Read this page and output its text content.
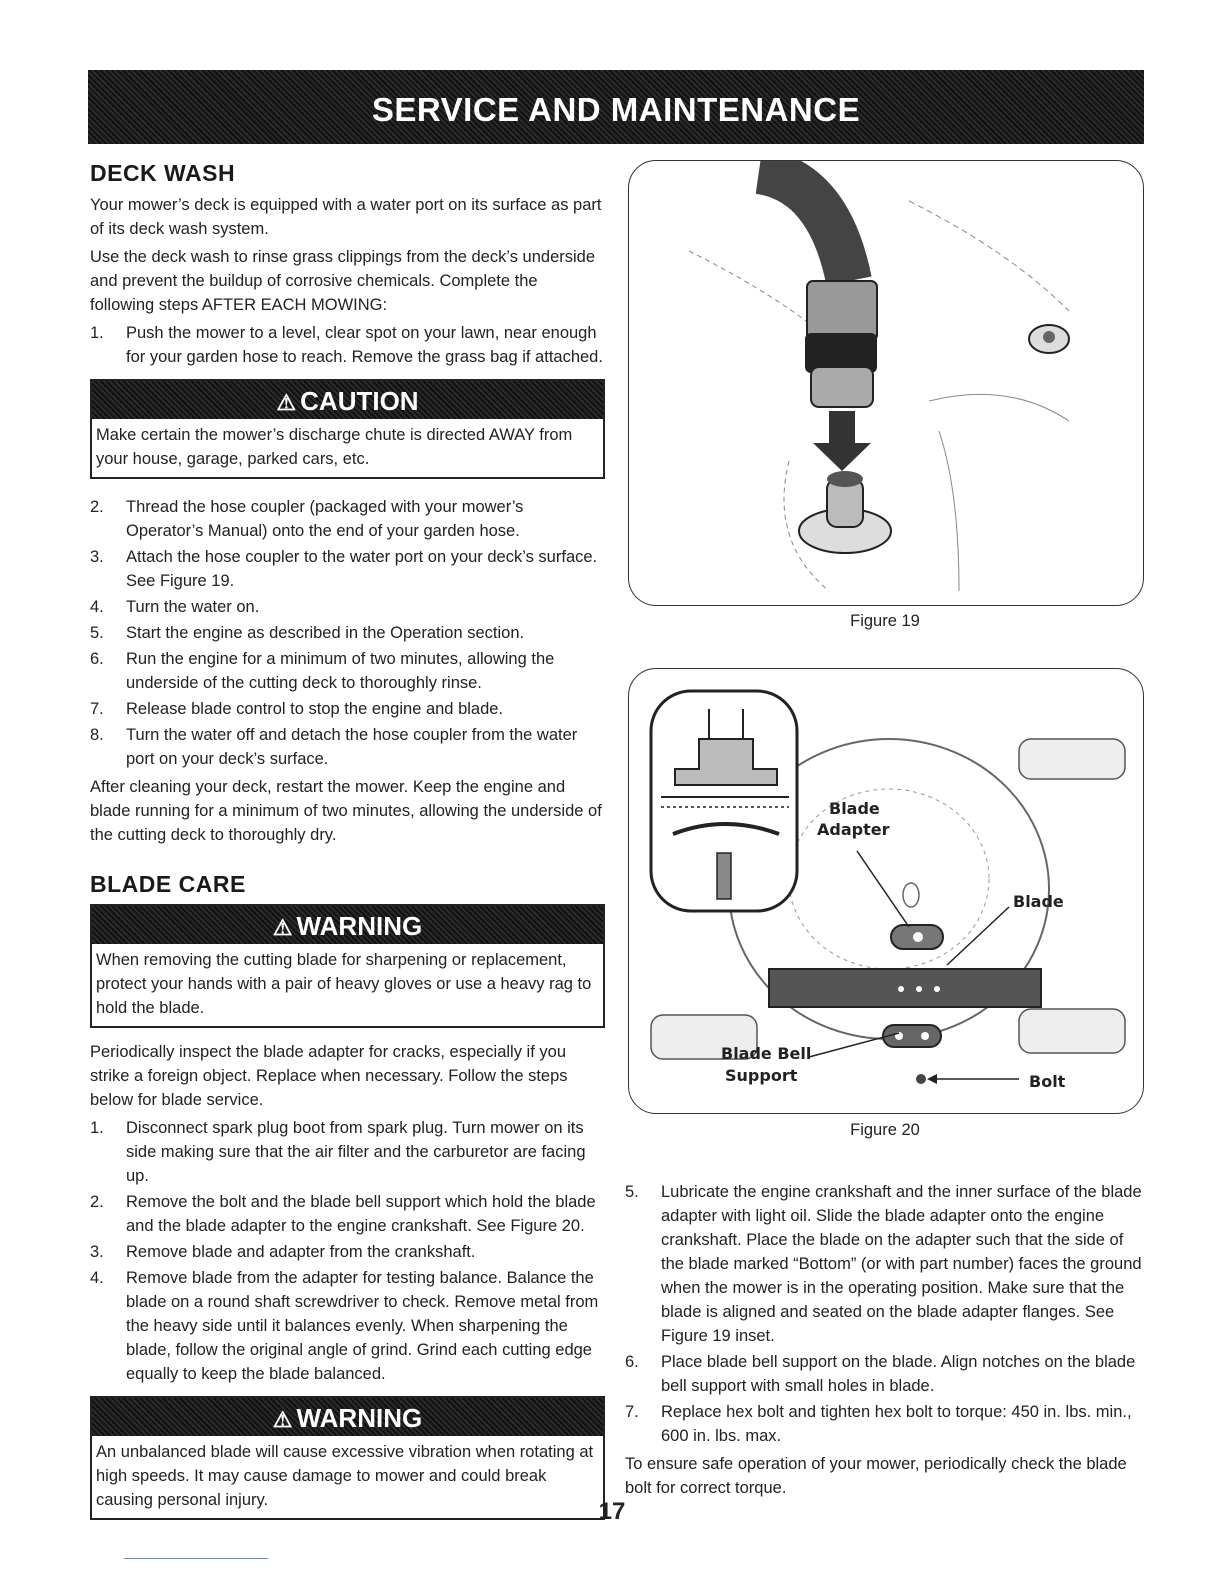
SERVICE AND MAINTENANCE
DECK WASH

Your mower’s deck is equipped with a water port on its surface as part of its deck wash system.

Use the deck wash to rinse grass clippings from the deck’s underside and prevent the buildup of corrosive chemicals. Complete the following steps AFTER EACH MOWING:

1. Push the mower to a level, clear spot on your lawn, near enough for your garden hose to reach. Remove the grass bag if attached.
⚠ CAUTION
Make certain the mower’s discharge chute is directed AWAY from your house, garage, parked cars, etc.
2. Thread the hose coupler (packaged with your mower’s Operator’s Manual) onto the end of your garden hose.
3. Attach the hose coupler to the water port on your deck’s surface. See Figure 19.
4. Turn the water on.
5. Start the engine as described in the Operation section.
6. Run the engine for a minimum of two minutes, allowing the underside of the cutting deck to thoroughly rinse.
7. Release blade control to stop the engine and blade.
8. Turn the water off and detach the hose coupler from the water port on your deck’s surface.

After cleaning your deck, restart the mower. Keep the engine and blade running for a minimum of two minutes, allowing the underside of the cutting deck to thoroughly dry.

BLADE CARE
⚠ WARNING
When removing the cutting blade for sharpening or replacement, protect your hands with a pair of heavy gloves or use a heavy rag to hold the blade.

Periodically inspect the blade adapter for cracks, especially if you strike a foreign object. Replace when necessary. Follow the steps below for blade service.

1. Disconnect spark plug boot from spark plug. Turn mower on its side making sure that the air filter and the carburetor are facing up.
2. Remove the bolt and the blade bell support which hold the blade and the blade adapter to the engine crankshaft. See Figure 20.
3. Remove blade and adapter from the crankshaft.
4. Remove blade from the adapter for testing balance. Balance the blade on a round shaft screwdriver to check. Remove metal from the heavy side until it balances evenly. When sharpening the blade, follow the original angle of grind. Grind each cutting edge equally to keep the blade balanced.
⚠ WARNING
An unbalanced blade will cause excessive vibration when rotating at high speeds. It may cause damage to mower and could break causing personal injury.
Figure 19
Blade
Adapter
Blade
Blade Bell
Support	Bolt
Figure 20
5. Lubricate the engine crankshaft and the inner surface of the blade adapter with light oil. Slide the blade adapter onto the engine crankshaft. Place the blade on the adapter such that the side of the blade marked “Bottom” (or with part number) faces the ground when the mower is in the operating position. Make sure that the blade is aligned and seated on the blade adapter flanges. See Figure 19 inset.
6. Place blade bell support on the blade. Align notches on the blade bell support with small holes in blade.
7. Replace hex bolt and tighten hex bolt to torque: 450 in. lbs. min., 600 in. lbs. max.

To ensure safe operation of your mower, periodically check the blade bolt for correct torque.

17
